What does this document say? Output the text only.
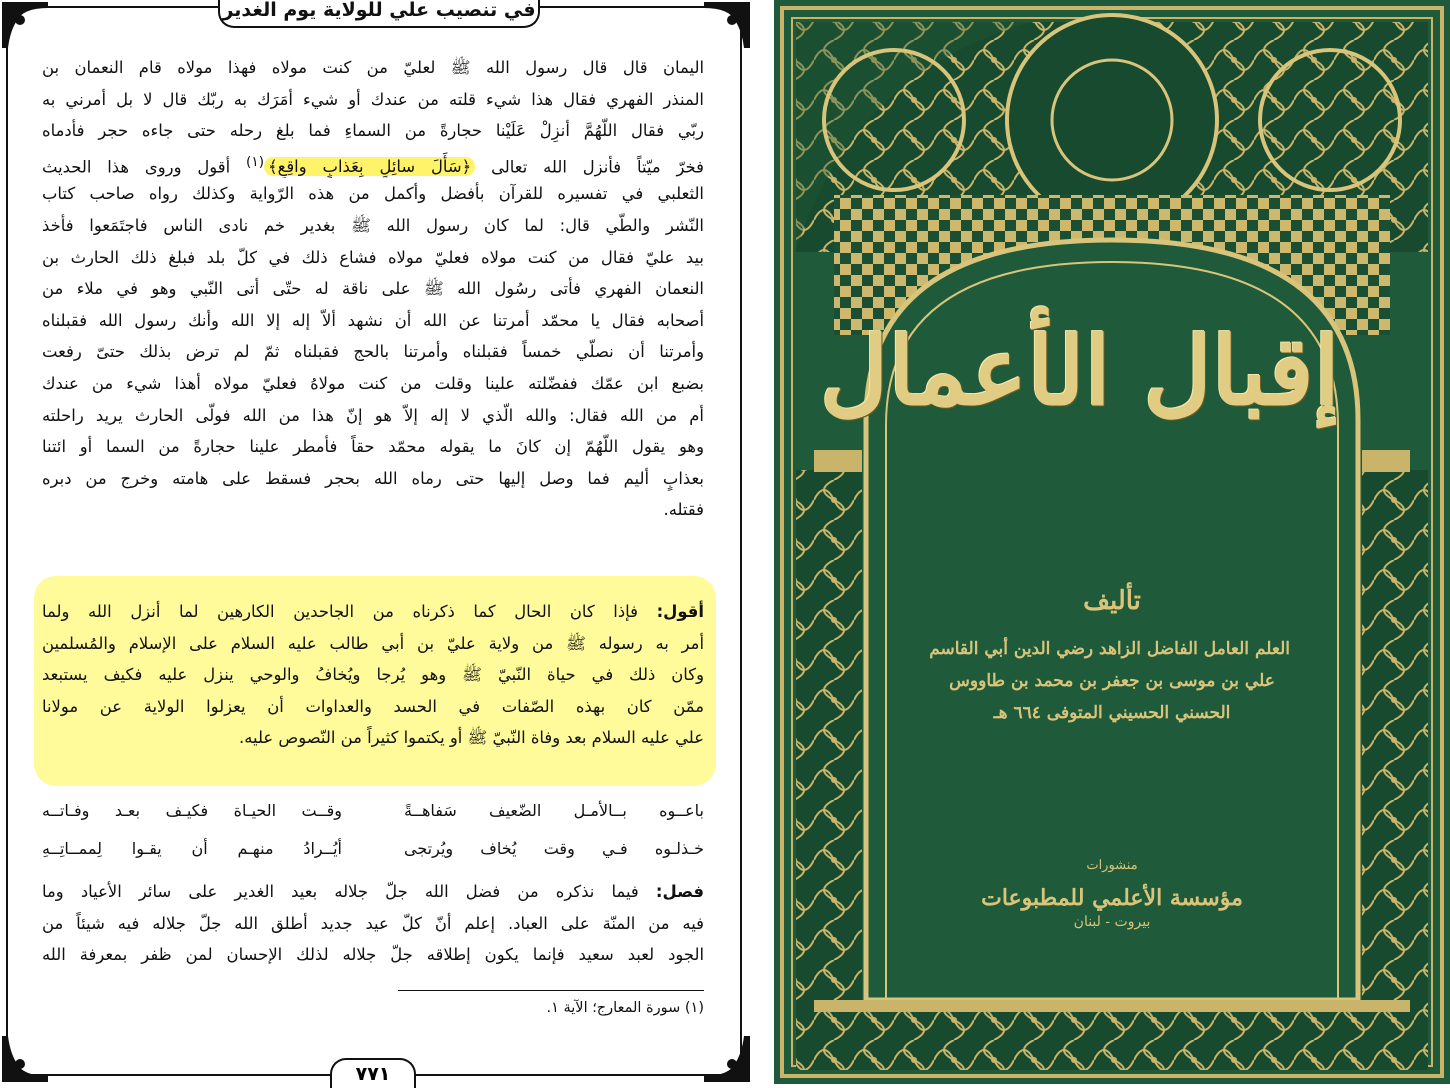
في تنصيب علي للولاية يوم الغدير
اليمان قال قال رسول الله ﷺ لعليّ من كنت مولاه فهذا مولاه قام النعمان بن
المنذر الفهري فقال هذا شيء قلته من عندك أو شيء أمَرَك به ربّك قال لا بل أمرني به
ربّي فقال اللّهُمَّ أنزِلْ عَلَيْنا حجارةً من السماءِ فما بلغ رحله حتى جاءه حجر فأدماه
فخرّ ميّتاً فأنزل الله تعالى ﴿سَأَلَ سائِلٍ بِعَذابٍ واقِعٍ﴾$^{(١)}$ أقول وروى هذا الحديث
الثعلبي في تفسيره للقرآن بأفضل وأكمل من هذه الرّواية وكذلك رواه صاحب كتاب
النّشر والطّي قال: لما كان رسول الله ﷺ بغدير خم نادى الناس فاجتَمَعوا فأخذ
بيد عليّ فقال من كنت مولاه فعليّ مولاه فشاع ذلك في كلّ بلد فبلغ ذلك الحارث بن
النعمان الفهري فأتى رسُول الله ﷺ على ناقة له حتّى أتى النّبي وهو في ملاء من
أصحابه فقال يا محمّد أمرتنا عن الله أن نشهد ألاّ إله إلا الله وأنك رسول الله فقبلناه
وأمرتنا أن نصلّي خمساً فقبلناه وأمرتنا بالحج فقبلناه ثمّ لم ترض بذلك حتىّ رفعت
بضبع ابن عمّك ففضّلته علينا وقلت من كنت مولاهُ فعليّ مولاه أهذا شيء من عندك
أم من الله فقال: والله الّذي لا إله إلاّ هو إنّ هذا من الله فولّى الحارث يريد راحلته
وهو يقول اللّهُمّ إن كانَ ما يقوله محمّد حقاً فأمطر علينا حجارةً من السما أو ائتنا
بعذابٍ أليم فما وصل إليها حتى رماه الله بحجر فسقط على هامته وخرج من دبره
فقتله.
أقول: فإذا كان الحال كما ذكرناه من الجاحدين الكارهين لما أنزل الله ولما
أمر به رسوله ﷺ من ولاية عليّ بن أبي طالب عليه السلام على الإسلام والمُسلمين
وكان ذلك في حياة النّبيّ ﷺ وهو يُرجا ويُخافُ والوحي ينزل عليه فكيف يستبعد
ممّن كان بهذه الصّفات في الحسد والعداوات أن يعزلوا الولاية عن مولانا
علي عليه السلام بعد وفاة النّبيّ ﷺ أو يكتموا كثيراً من النّصوص عليه.
باعــوه بــالأمـل الضّعيف سَفاهــةً
وقــت الحيـاة فكيـف بعـد وفـاتــه
خـذلـوه فـي وقت يُخاف ويُرتجى
أيُــرادُ منهـم أن يقـوا لِممــاتِــهِ
فصل: فيما نذكره من فضل الله جلّ جلاله بعيد الغدير على سائر الأعياد وما
فيه من المنّة على العباد. إعلم أنّ كلّ عيد جديد أطلق الله جلّ جلاله فيه شيئاً من
الجود لعبد سعيد فإنما يكون إطلاقه جلّ جلاله لذلك الإحسان لمن ظفر بمعرفة الله
(١) سورة المعارج؛ الآية ١.
٧٧١
إقبال الأعمال
تأليف
العلم العامل الفاضل الزاهد رضي الدين أبي القاسم
علي بن موسى بن جعفر بن محمد بن طاووس
الحسني الحسيني المتوفى ٦٦٤ هـ
منشورات
مؤسسة الأعلمي للمطبوعات
بيروت - لبنان
